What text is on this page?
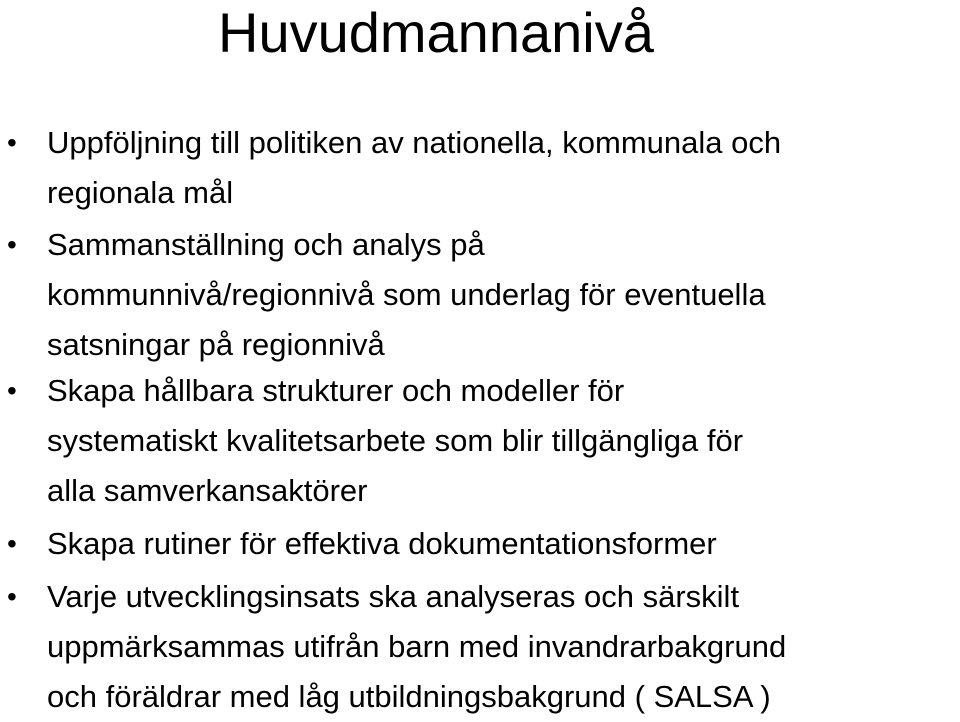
Huvudmannanivå
• Uppföljning till politiken av nationella, kommunala och
regionala mål
• Sammanställning och analys på
kommunnivå/regionnivå som underlag för eventuella
satsningar på regionnivå
• Skapa hållbara strukturer och modeller för
systematiskt kvalitetsarbete som blir tillgängliga för
alla samverkansaktörer
• Skapa rutiner för effektiva dokumentationsformer
• Varje utvecklingsinsats ska analyseras och särskilt
uppmärksammas utifrån barn med invandrarbakgrund
och föräldrar med låg utbildningsbakgrund ( SALSA )
